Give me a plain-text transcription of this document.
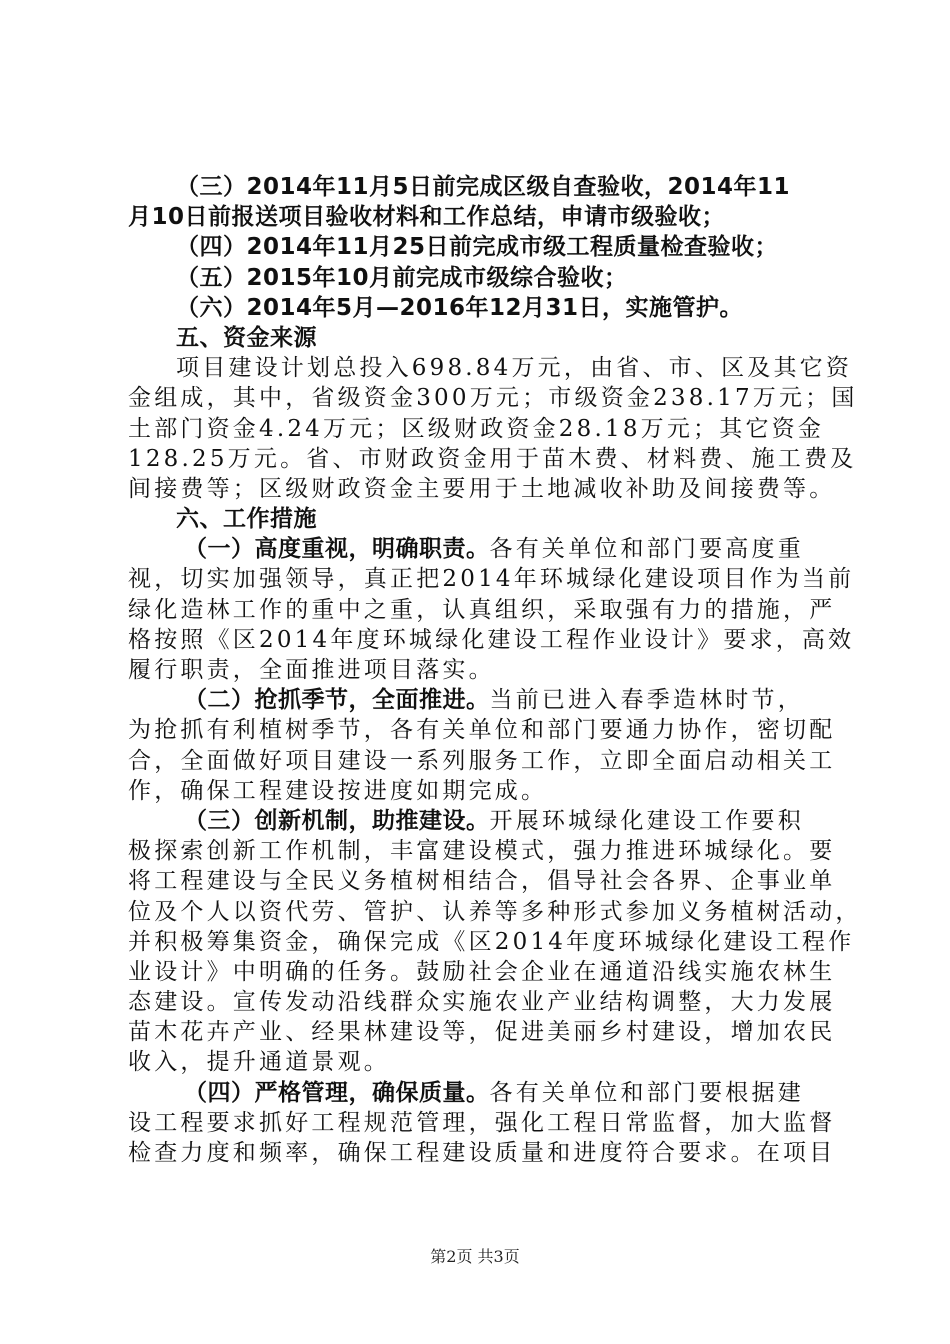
（三）2014年11月5日前完成区级自查验收，2014年11

月10日前报送项目验收材料和工作总结，申请市级验收；

（四）2014年11月25日前完成市级工程质量检查验收；

（五）2015年10月前完成市级综合验收；

（六）2014年5月—2016年12月31日，实施管护。

五、资金来源

项目建设计划总投入698.84万元，由省、市、区及其它资

金组成，其中，省级资金300万元；市级资金238.17万元；国

土部门资金4.24万元；区级财政资金28.18万元；其它资金

128.25万元。省、市财政资金用于苗木费、材料费、施工费及

间接费等；区级财政资金主要用于土地减收补助及间接费等。

六、工作措施

（一）高度重视，明确职责。各有关单位和部门要高度重

视，切实加强领导，真正把2014年环城绿化建设项目作为当前

绿化造林工作的重中之重，认真组织，采取强有力的措施，严

格按照《区2014年度环城绿化建设工程作业设计》要求，高效

履行职责，全面推进项目落实。

（二）抢抓季节，全面推进。当前已进入春季造林时节，

为抢抓有利植树季节，各有关单位和部门要通力协作，密切配

合，全面做好项目建设一系列服务工作，立即全面启动相关工

作，确保工程建设按进度如期完成。

（三）创新机制，助推建设。开展环城绿化建设工作要积

极探索创新工作机制，丰富建设模式，强力推进环城绿化。要

将工程建设与全民义务植树相结合，倡导社会各界、企事业单

位及个人以资代劳、管护、认养等多种形式参加义务植树活动，

并积极筹集资金，确保完成《区2014年度环城绿化建设工程作

业设计》中明确的任务。鼓励社会企业在通道沿线实施农林生

态建设。宣传发动沿线群众实施农业产业结构调整，大力发展

苗木花卉产业、经果林建设等，促进美丽乡村建设，增加农民

收入，提升通道景观。

（四）严格管理，确保质量。各有关单位和部门要根据建

设工程要求抓好工程规范管理，强化工程日常监督，加大监督

检查力度和频率，确保工程建设质量和进度符合要求。在项目

第2页 共3页
